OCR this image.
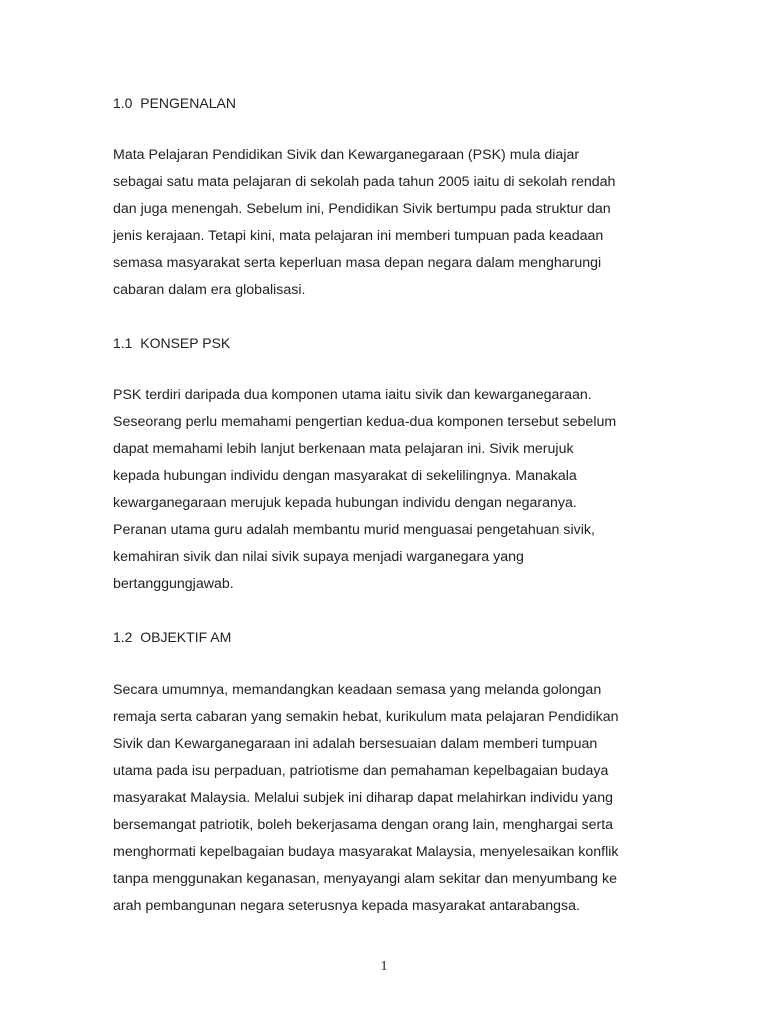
1.0  PENGENALAN

Mata Pelajaran Pendidikan Sivik dan Kewarganegaraan (PSK) mula diajar

sebagai satu mata pelajaran di sekolah pada tahun 2005 iaitu di sekolah rendah

dan juga menengah. Sebelum ini, Pendidikan Sivik bertumpu pada struktur dan

jenis kerajaan. Tetapi kini, mata pelajaran ini memberi tumpuan pada keadaan

semasa masyarakat serta keperluan masa depan negara dalam mengharungi

cabaran dalam era globalisasi.

1.1  KONSEP PSK

PSK terdiri daripada dua komponen utama iaitu sivik dan kewarganegaraan.

Seseorang perlu memahami pengertian kedua-dua komponen tersebut sebelum

dapat memahami lebih lanjut berkenaan mata pelajaran ini. Sivik merujuk

kepada hubungan individu dengan masyarakat di sekelilingnya. Manakala

kewarganegaraan merujuk kepada hubungan individu dengan negaranya.

Peranan utama guru adalah membantu murid menguasai pengetahuan sivik,

kemahiran sivik dan nilai sivik supaya menjadi warganegara yang

bertanggungjawab.

1.2  OBJEKTIF AM

Secara umumnya, memandangkan keadaan semasa yang melanda golongan

remaja serta cabaran yang semakin hebat, kurikulum mata pelajaran Pendidikan

Sivik dan Kewarganegaraan ini adalah bersesuaian dalam memberi tumpuan

utama pada isu perpaduan, patriotisme dan pemahaman kepelbagaian budaya

masyarakat Malaysia. Melalui subjek ini diharap dapat melahirkan individu yang

bersemangat patriotik, boleh bekerjasama dengan orang lain, menghargai serta

menghormati kepelbagaian budaya masyarakat Malaysia, menyelesaikan konflik

tanpa menggunakan keganasan, menyayangi alam sekitar dan menyumbang ke

arah pembangunan negara seterusnya kepada masyarakat antarabangsa.

1
